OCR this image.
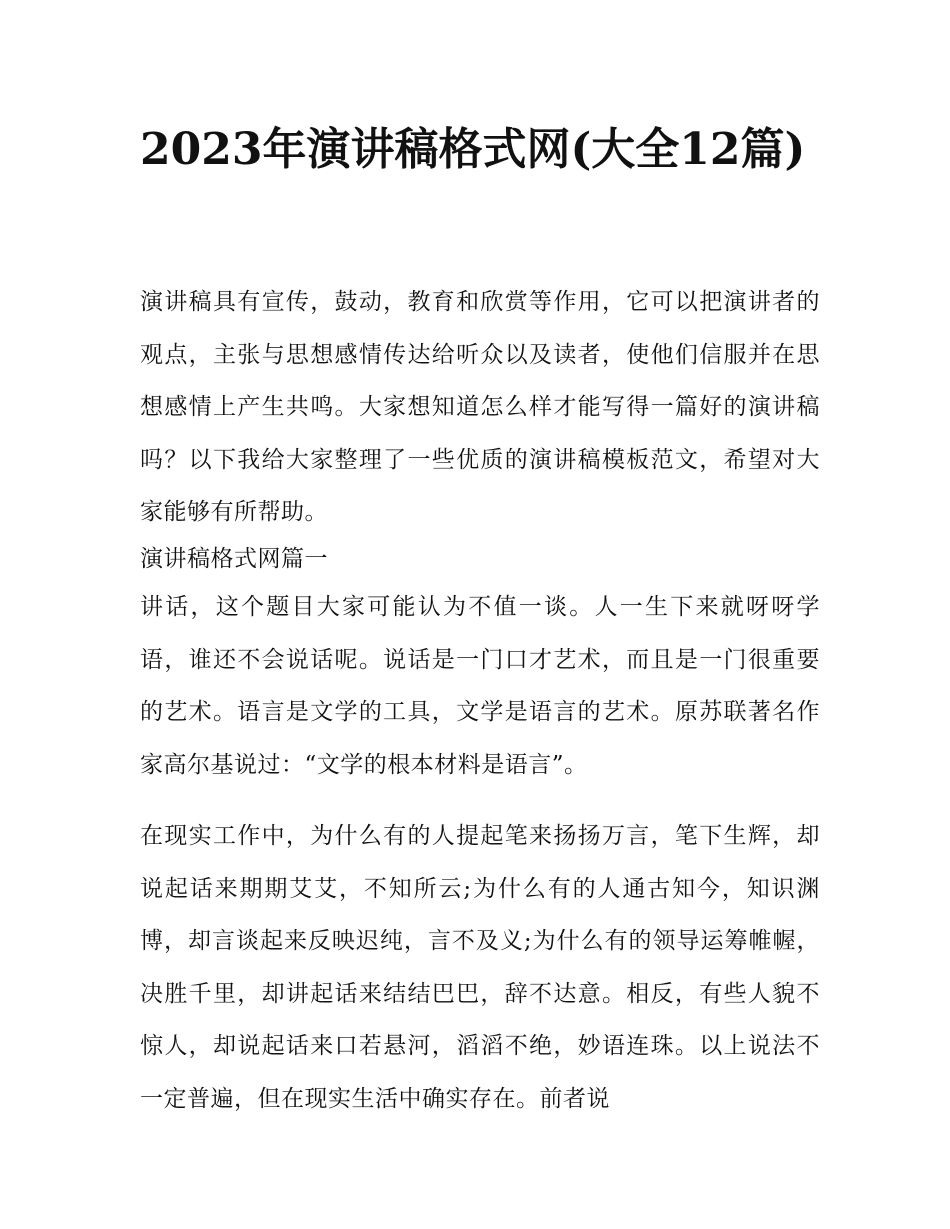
2023年演讲稿格式网(大全12篇)

演讲稿具有宣传，鼓动，教育和欣赏等作用，它可以把演讲者的观点，主张与思想感情传达给听众以及读者，使他们信服并在思想感情上产生共鸣。大家想知道怎么样才能写得一篇好的演讲稿吗？以下我给大家整理了一些优质的演讲稿模板范文，希望对大家能够有所帮助。

演讲稿格式网篇一

讲话，这个题目大家可能认为不值一谈。人一生下来就呀呀学语，谁还不会说话呢。说话是一门口才艺术，而且是一门很重要的艺术。语言是文学的工具，文学是语言的艺术。原苏联著名作家高尔基说过：“文学的根本材料是语言”。

在现实工作中，为什么有的人提起笔来扬扬万言，笔下生辉，却说起话来期期艾艾，不知所云;为什么有的人通古知今，知识渊博，却言谈起来反映迟纯，言不及义;为什么有的领导运筹帷幄，决胜千里，却讲起话来结结巴巴，辞不达意。相反，有些人貌不惊人，却说起话来口若悬河，滔滔不绝，妙语连珠。以上说法不一定普遍，但在现实生活中确实存在。前者说
